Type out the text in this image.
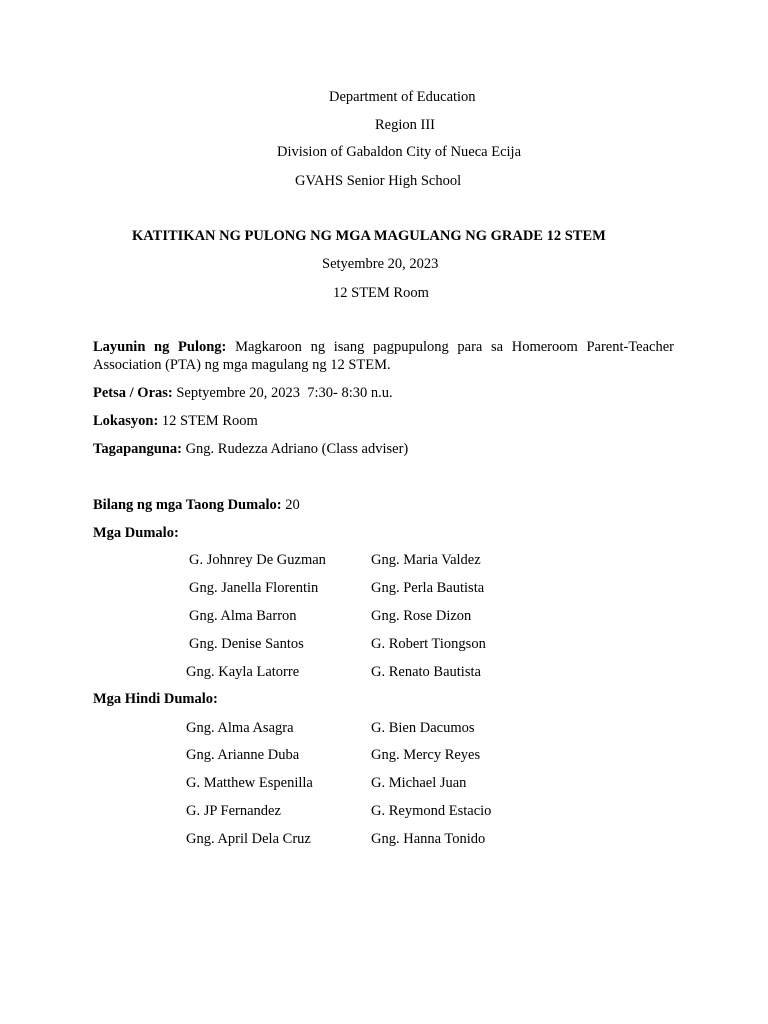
Department of Education
Region III
Division of Gabaldon City of Nueca Ecija
GVAHS Senior High School
KATITIKAN NG PULONG NG MGA MAGULANG NG GRADE 12 STEM
Setyembre 20, 2023
12 STEM Room
Layunin ng Pulong: Magkaroon ng isang pagpupulong para sa Homeroom Parent-Teacher Association (PTA) ng mga magulang ng 12 STEM.
Petsa / Oras: Septyembre 20, 2023  7:30- 8:30 n.u.
Lokasyon: 12 STEM Room
Tagapanguna: Gng. Rudezza Adriano (Class adviser)
Bilang ng mga Taong Dumalo: 20
Mga Dumalo:
G. Johnrey De Guzman	Gng. Maria Valdez
Gng. Janella Florentin	Gng. Perla Bautista
Gng. Alma Barron	Gng. Rose Dizon
Gng. Denise Santos	G. Robert Tiongson
Gng. Kayla Latorre	G. Renato Bautista
Mga Hindi Dumalo:
Gng. Alma Asagra	G. Bien Dacumos
Gng. Arianne Duba	Gng. Mercy Reyes
G. Matthew Espenilla	G. Michael Juan
G. JP Fernandez	G. Reymond Estacio
Gng. April Dela Cruz	Gng. Hanna Tonido
